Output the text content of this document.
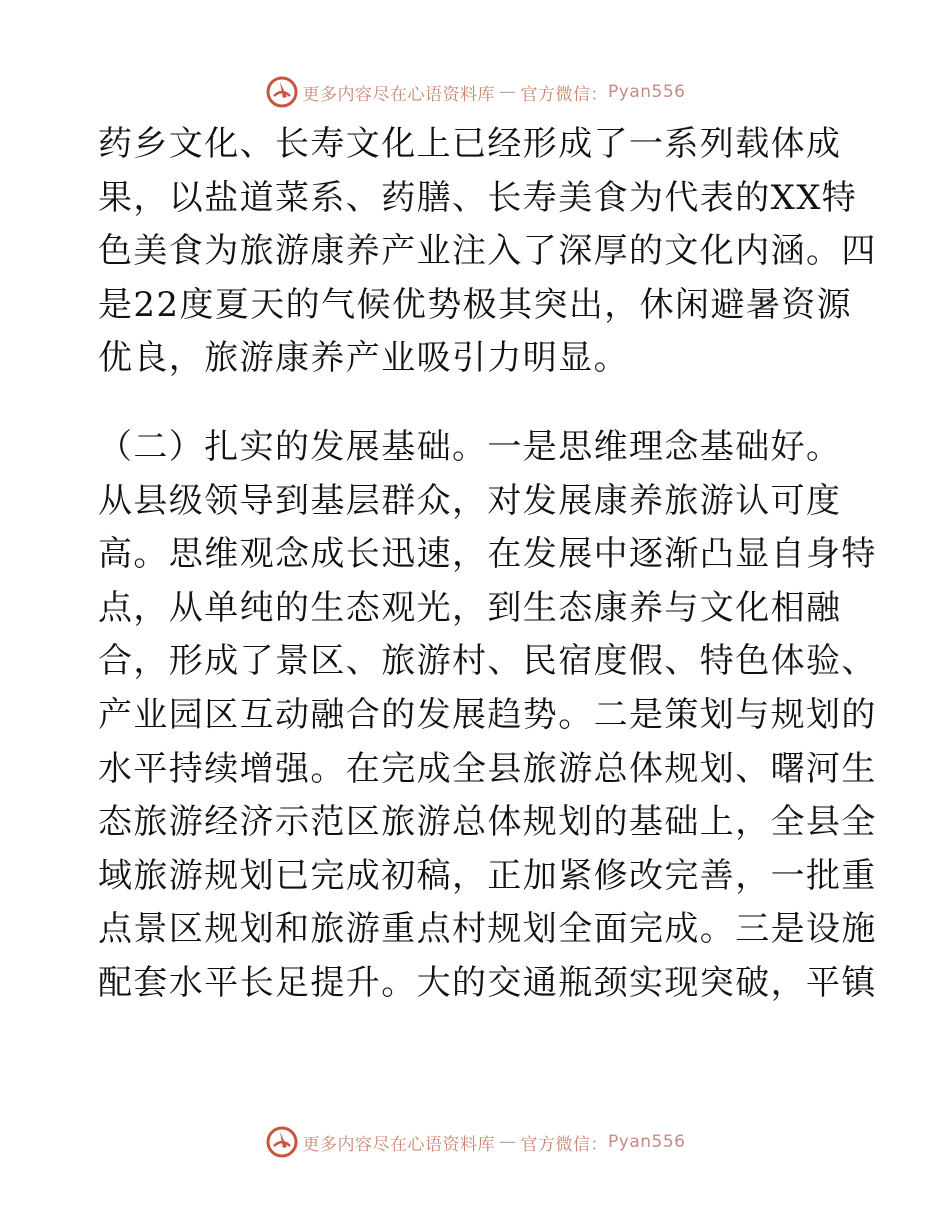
更多内容尽在心语资料库 — 官方微信： Pyan556
药乡文化、长寿文化上已经形成了一系列载体成
果，以盐道菜系、药膳、长寿美食为代表的XX特
色美食为旅游康养产业注入了深厚的文化内涵。四
是22度夏天的气候优势极其突出，休闲避暑资源
优良，旅游康养产业吸引力明显。
（二）扎实的发展基础。一是思维理念基础好。
从县级领导到基层群众，对发展康养旅游认可度
高。思维观念成长迅速，在发展中逐渐凸显自身特
点，从单纯的生态观光，到生态康养与文化相融
合，形成了景区、旅游村、民宿度假、特色体验、
产业园区互动融合的发展趋势。二是策划与规划的
水平持续增强。在完成全县旅游总体规划、曙河生
态旅游经济示范区旅游总体规划的基础上，全县全
域旅游规划已完成初稿，正加紧修改完善，一批重
点景区规划和旅游重点村规划全面完成。三是设施
配套水平长足提升。大的交通瓶颈实现突破，平镇
更多内容尽在心语资料库 — 官方微信： Pyan556
